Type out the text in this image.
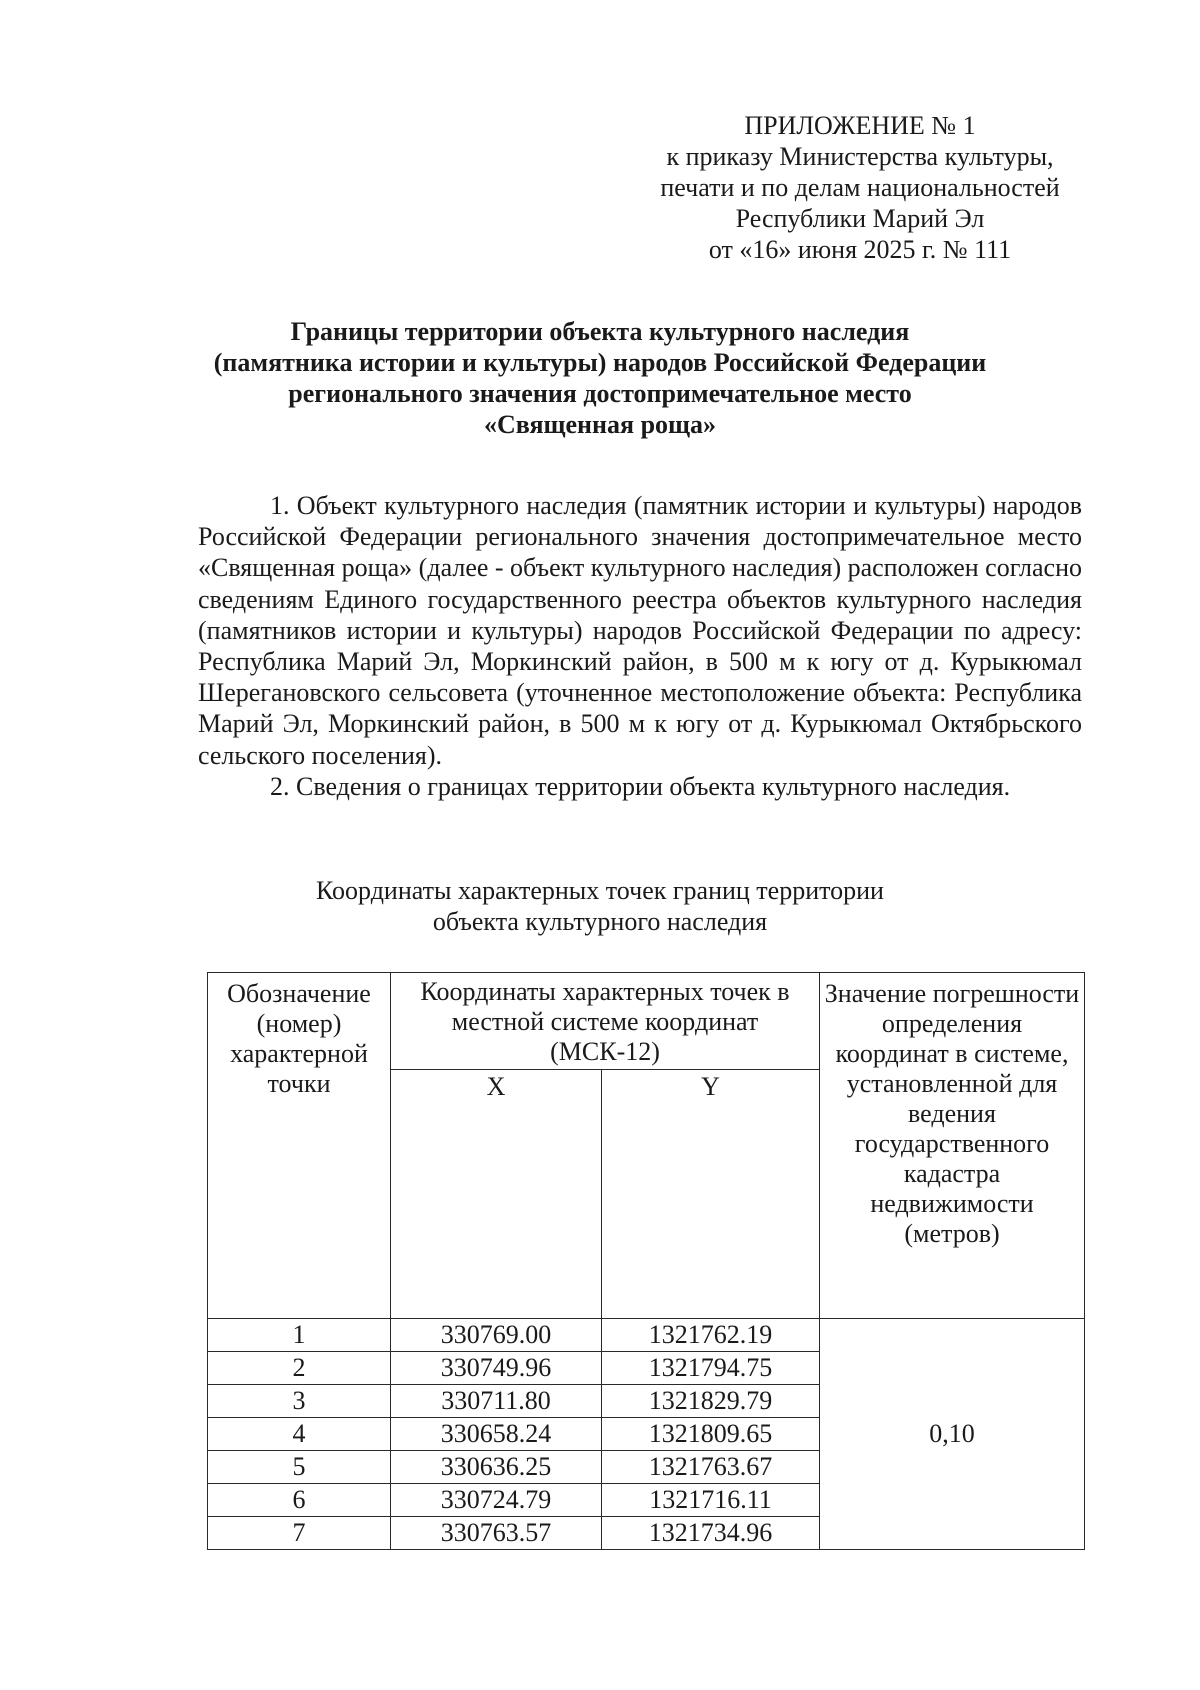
ПРИЛОЖЕНИЕ № 1
к приказу Министерства культуры,
печати и по делам национальностей
Республики Марий Эл
от «16» июня 2025 г. № 111
Границы территории объекта культурного наследия
(памятника истории и культуры) народов Российской Федерации
регионального значения достопримечательное место
«Священная роща»

1. Объект культурного наследия (памятник истории и культуры) народов Российской Федерации регионального значения достопримечательное место «Священная роща» (далее - объект культурного наследия) расположен согласно сведениям Единого государственного реестра объектов культурного наследия (памятников истории и культуры) народов Российской Федерации по адресу: Республика Марий Эл, Моркинский район, в 500 м к югу от д. Курыкюмал Шерегановского сельсовета (уточненное местоположение объекта: Республика Марий Эл, Моркинский район, в 500 м к югу от д. Курыкюмал Октябрьского сельского поселения).

2. Сведения о границах территории объекта культурного наследия.

Координаты характерных точек границ территории
объекта культурного наследия
Обозначение (номер) характерной точки	Координаты характерных точек в местной системе координат (МСК-12)		Значение погрешности определения координат в системе, установленной для ведения государственного кадастра недвижимости (метров)
	X	Y	
1	330769.00	1321762.19	0,10
2	330749.96	1321794.75	
3	330711.80	1321829.79	
4	330658.24	1321809.65	
5	330636.25	1321763.67	
6	330724.79	1321716.11	
7	330763.57	1321734.96	
